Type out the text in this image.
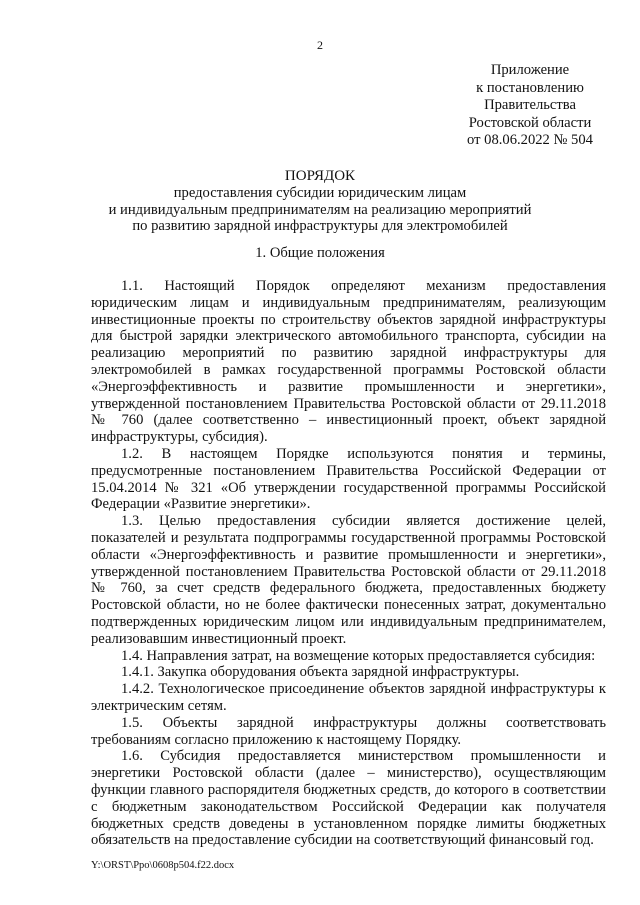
2
Приложение
к постановлению
Правительства
Ростовской области
от 08.06.2022 № 504
ПОРЯДОК
предоставления субсидии юридическим лицам
и индивидуальным предпринимателям на реализацию мероприятий
по развитию зарядной инфраструктуры для электромобилей
1. Общие положения

1.1. Настоящий Порядок определяют механизм предоставления юридическим лицам и индивидуальным предпринимателям, реализующим инвестиционные проекты по строительству объектов зарядной инфраструктуры для быстрой зарядки электрического автомобильного транспорта, субсидии на реализацию мероприятий по развитию зарядной инфраструктуры для электромобилей в рамках государственной программы Ростовской области «Энергоэффективность и развитие промышленности и энергетики», утвержденной постановлением Правительства Ростовской области от 29.11.2018 № 760 (далее соответственно – инвестиционный проект, объект зарядной инфраструктуры, субсидия).

1.2. В настоящем Порядке используются понятия и термины, предусмотренные постановлением Правительства Российской Федерации от 15.04.2014 № 321 «Об утверждении государственной программы Российской Федерации «Развитие энергетики».

1.3. Целью предоставления субсидии является достижение целей, показателей и результата подпрограммы государственной программы Ростовской области «Энергоэффективность и развитие промышленности и энергетики», утвержденной постановлением Правительства Ростовской области от 29.11.2018 № 760, за счет средств федерального бюджета, предоставленных бюджету Ростовской области, но не более фактически понесенных затрат, документально подтвержденных юридическим лицом или индивидуальным предпринимателем, реализовавшим инвестиционный проект.

1.4. Направления затрат, на возмещение которых предоставляется субсидия:

1.4.1. Закупка оборудования объекта зарядной инфраструктуры.

1.4.2. Технологическое присоединение объектов зарядной инфраструктуры к электрическим сетям.

1.5. Объекты зарядной инфраструктуры должны соответствовать требованиям согласно приложению к настоящему Порядку.

1.6. Субсидия предоставляется министерством промышленности и энергетики Ростовской области (далее – министерство), осуществляющим функции главного распорядителя бюджетных средств, до которого в соответствии с бюджетным законодательством Российской Федерации как получателя бюджетных средств доведены в установленном порядке лимиты бюджетных обязательств на предоставление субсидии на соответствующий финансовый год.

Y:\ORST\Ppo\0608p504.f22.docx
